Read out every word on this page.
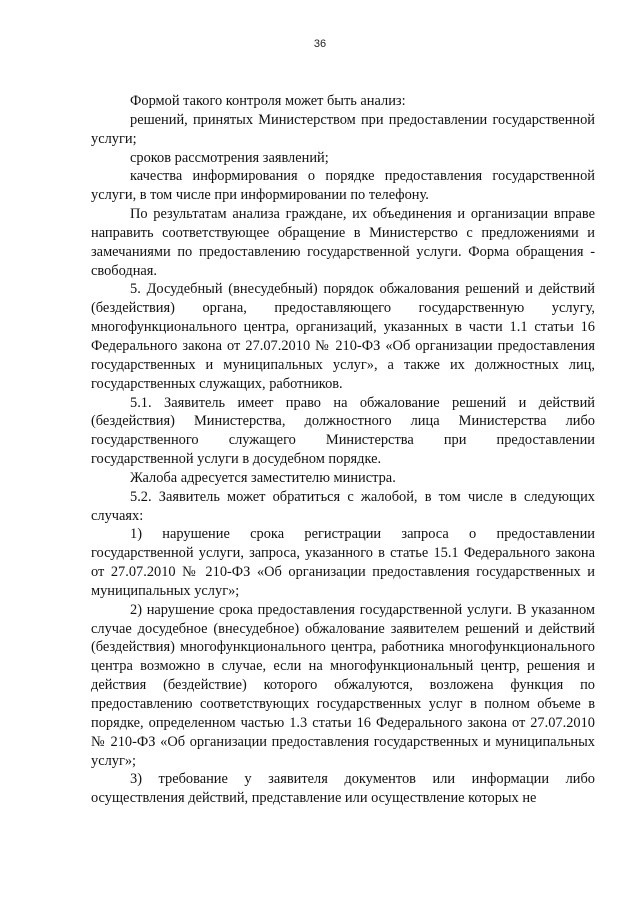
36

Формой такого контроля может быть анализ:

решений, принятых Министерством при предоставлении государственной услуги;

сроков рассмотрения заявлений;

качества информирования о порядке предоставления государственной услуги, в том числе при информировании по телефону.

По результатам анализа граждане, их объединения и организации вправе направить соответствующее обращение в Министерство с предложениями и замечаниями по предоставлению государственной услуги. Форма обращения - свободная.

5. Досудебный (внесудебный) порядок обжалования решений и действий (бездействия) органа, предоставляющего государственную услугу, многофункционального центра, организаций, указанных в части 1.1 статьи 16 Федерального закона от 27.07.2010 № 210-ФЗ «Об организации предоставления государственных и муниципальных услуг», а также их должностных лиц, государственных служащих, работников.

5.1. Заявитель имеет право на обжалование решений и действий (бездействия) Министерства, должностного лица Министерства либо государственного служащего Министерства при предоставлении государственной услуги в досудебном порядке.

Жалоба адресуется заместителю министра.

5.2. Заявитель может обратиться с жалобой, в том числе в следующих случаях:

1) нарушение срока регистрации запроса о предоставлении государственной услуги, запроса, указанного в статье 15.1 Федерального закона от 27.07.2010 № 210-ФЗ «Об организации предоставления государственных и муниципальных услуг»;

2) нарушение срока предоставления государственной услуги. В указанном случае досудебное (внесудебное) обжалование заявителем решений и действий (бездействия) многофункционального центра, работника многофункционального центра возможно в случае, если на многофункциональный центр, решения и действия (бездействие) которого обжалуются, возложена функция по предоставлению соответствующих государственных услуг в полном объеме в порядке, определенном частью 1.3 статьи 16 Федерального закона от 27.07.2010 № 210-ФЗ «Об организации предоставления государственных и муниципальных услуг»;

3) требование у заявителя документов или информации либо осуществления действий, представление или осуществление которых не
